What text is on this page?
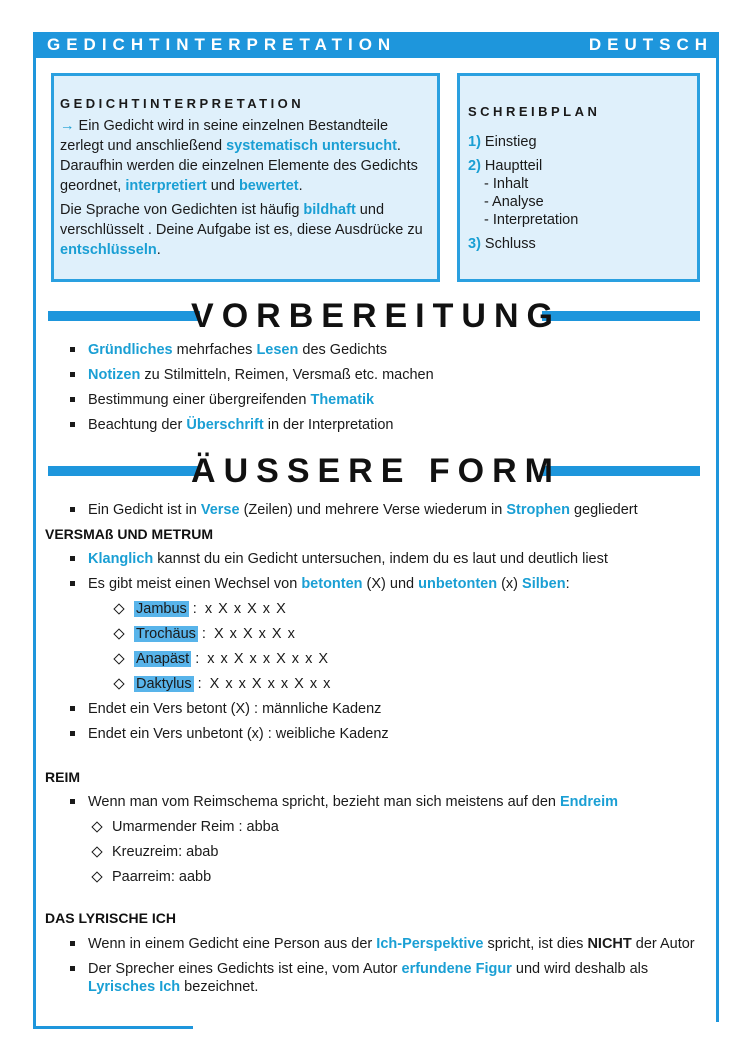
GEDICHTINTERPRETATION	DEUTSCH
GEDICHTINTERPRETATION

→ Ein Gedicht wird in seine einzelnen Bestandteile zerlegt und anschließend systematisch untersucht. Daraufhin werden die einzelnen Elemente des Gedichts geordnet, interpretiert und bewertet.

Die Sprache von Gedichten ist häufig bildhaft und verschlüsselt . Deine Aufgabe ist es, diese Ausdrücke zu entschlüsseln.

SCHREIBPLAN
1) Einstieg
2) Hauptteil
- Inhalt
- Analyse
- Interpretation
3) Schluss
VORBEREITUNG
Gründliches mehrfaches Lesen des Gedichts
Notizen zu Stilmitteln, Reimen, Versmaß etc. machen
Bestimmung einer übergreifenden Thematik
Beachtung der Überschrift in der Interpretation
ÄUSSERE FORM
Ein Gedicht ist in Verse (Zeilen) und mehrere Verse wiederum in Strophen gegliedert
VERSMAß UND METRUM
Klanglich kannst du ein Gedicht untersuchen, indem du es laut und deutlich liest
Es gibt meist einen Wechsel von betonten (X) und unbetonten (x) Silben:
Jambus : x X x X x X
Trochäus : X x X x X x
Anapäst : x x X x x X x x X
Daktylus : X x x X x x X x x
Endet ein Vers betont (X) : männliche Kadenz
Endet ein Vers unbetont (x) : weibliche Kadenz
REIM
Wenn man vom Reimschema spricht, bezieht man sich meistens auf den Endreim
Umarmender Reim : abba
Kreuzreim: abab
Paarreim: aabb
DAS LYRISCHE ICH
Wenn in einem Gedicht eine Person aus der Ich-Perspektive spricht, ist dies NICHT der Autor
Der Sprecher eines Gedichts ist eine, vom Autor erfundene Figur und wird deshalb als Lyrisches Ich bezeichnet.
